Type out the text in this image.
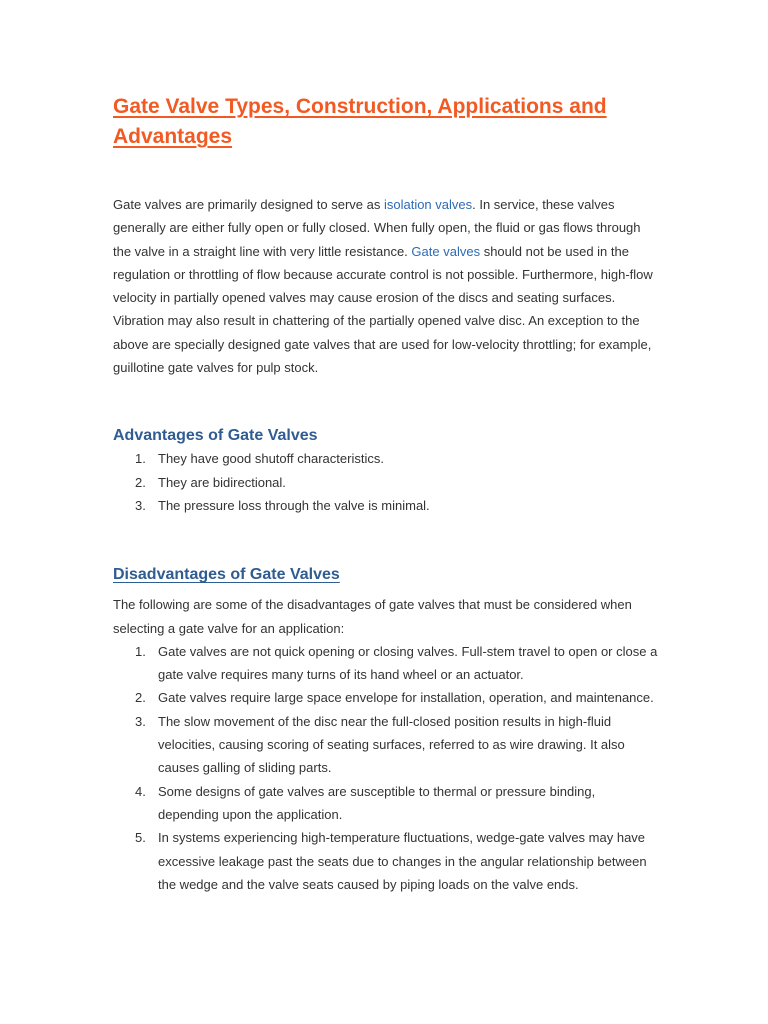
Gate Valve Types, Construction, Applications and Advantages

Gate valves are primarily designed to serve as isolation valves. In service, these valves generally are either fully open or fully closed. When fully open, the fluid or gas flows through the valve in a straight line with very little resistance. Gate valves should not be used in the regulation or throttling of flow because accurate control is not possible. Furthermore, high-flow velocity in partially opened valves may cause erosion of the discs and seating surfaces. Vibration may also result in chattering of the partially opened valve disc. An exception to the above are specially designed gate valves that are used for low-velocity throttling; for example, guillotine gate valves for pulp stock.

Advantages of Gate Valves
1. They have good shutoff characteristics.
2. They are bidirectional.
3. The pressure loss through the valve is minimal.
Disadvantages of Gate Valves

The following are some of the disadvantages of gate valves that must be considered when selecting a gate valve for an application:

1. Gate valves are not quick opening or closing valves. Full-stem travel to open or close a gate valve requires many turns of its hand wheel or an actuator.
2. Gate valves require large space envelope for installation, operation, and maintenance.
3. The slow movement of the disc near the full-closed position results in high-fluid velocities, causing scoring of seating surfaces, referred to as wire drawing. It also causes galling of sliding parts.
4. Some designs of gate valves are susceptible to thermal or pressure binding, depending upon the application.
5. In systems experiencing high-temperature fluctuations, wedge-gate valves may have excessive leakage past the seats due to changes in the angular relationship between the wedge and the valve seats caused by piping loads on the valve ends.
